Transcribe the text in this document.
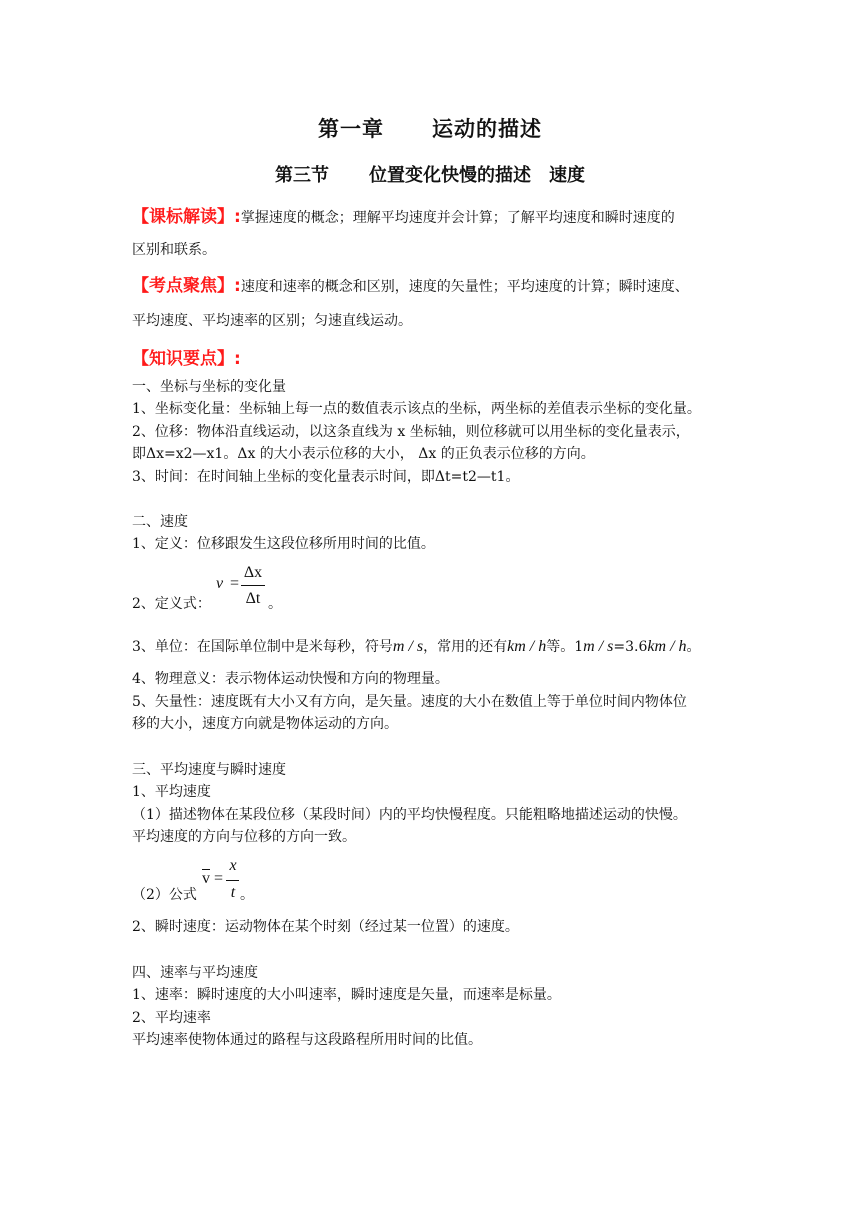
第一章 运动的描述
第三节 位置变化快慢的描述 速度
【课标解读】:掌握速度的概念；理解平均速度并会计算；了解平均速度和瞬时速度的
区别和联系。
【考点聚焦】:速度和速率的概念和区别，速度的矢量性；平均速度的计算；瞬时速度、
平均速度、平均速率的区别；匀速直线运动。
【知识要点】:
一、坐标与坐标的变化量
1、坐标变化量：坐标轴上每一点的数值表示该点的坐标，两坐标的差值表示坐标的变化量。
2、位移：物体沿直线运动，以这条直线为 x 坐标轴，则位移就可以用坐标的变化量表示，
即Δx=x2—x1。Δx 的大小表示位移的大小， Δx 的正负表示位移的方向。
3、时间：在时间轴上坐标的变化量表示时间，即Δt=t2—t1。
二、速度
1、定义：位移跟发生这段位移所用时间的比值。
2、定义式：
v =
Δx
Δt 。
3、单位：在国际单位制中是米每秒，符号m / s，常用的还有km / h等。1m / s=3.6km / h。
4、物理意义：表示物体运动快慢和方向的物理量。
5、矢量性：速度既有大小又有方向，是矢量。速度的大小在数值上等于单位时间内物体位
移的大小，速度方向就是物体运动的方向。
三、平均速度与瞬时速度
1、平均速度
（1）描述物体在某段位移（某段时间）内的平均快慢程度。只能粗略地描述运动的快慢。
平均速度的方向与位移的方向一致。
（2）公式
$\overline{v}$ =
x
t 。
2、瞬时速度：运动物体在某个时刻（经过某一位置）的速度。
四、速率与平均速度
1、速率：瞬时速度的大小叫速率，瞬时速度是矢量，而速率是标量。
2、平均速率
平均速率使物体通过的路程与这段路程所用时间的比值。
